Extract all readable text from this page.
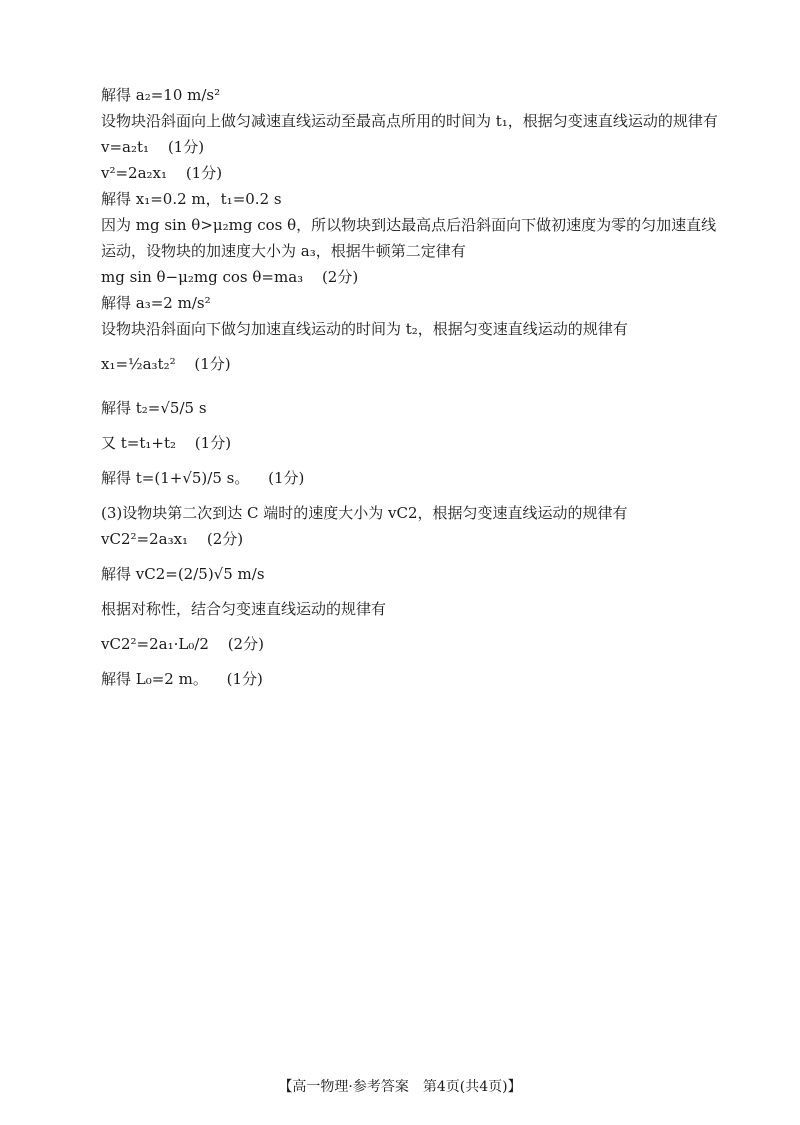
解得 a₂=10 m/s²
设物块沿斜面向上做匀减速直线运动至最高点所用的时间为 t₁，根据匀变速直线运动的规律有
v=a₂t₁ (1分)
v²=2a₂x₁ (1分)
解得 x₁=0.2 m，t₁=0.2 s
因为 mg sin θ>μ₂mg cos θ，所以物块到达最高点后沿斜面向下做初速度为零的匀加速直线运动，设物块的加速度大小为 a₃，根据牛顿第二定律有
mg sin θ−μ₂mg cos θ=ma₃ (2分)
解得 a₃=2 m/s²
设物块沿斜面向下做匀加速直线运动的时间为 t₂，根据匀变速直线运动的规律有
x₁=½a₃t₂² (1分)
解得 t₂=√5/5 s
又 t=t₁+t₂ (1分)
解得 t=(1+√5)/5 s。 (1分)
(3)设物块第二次到达 C 端时的速度大小为 vC2，根据匀变速直线运动的规律有
vC2²=2a₃x₁ (2分)
解得 vC2=(2/5)√5 m/s
根据对称性，结合匀变速直线运动的规律有
vC2²=2a₁·L₀/2 (2分)
解得 L₀=2 m。 (1分)
【高一物理·参考答案　第4页(共4页)】
